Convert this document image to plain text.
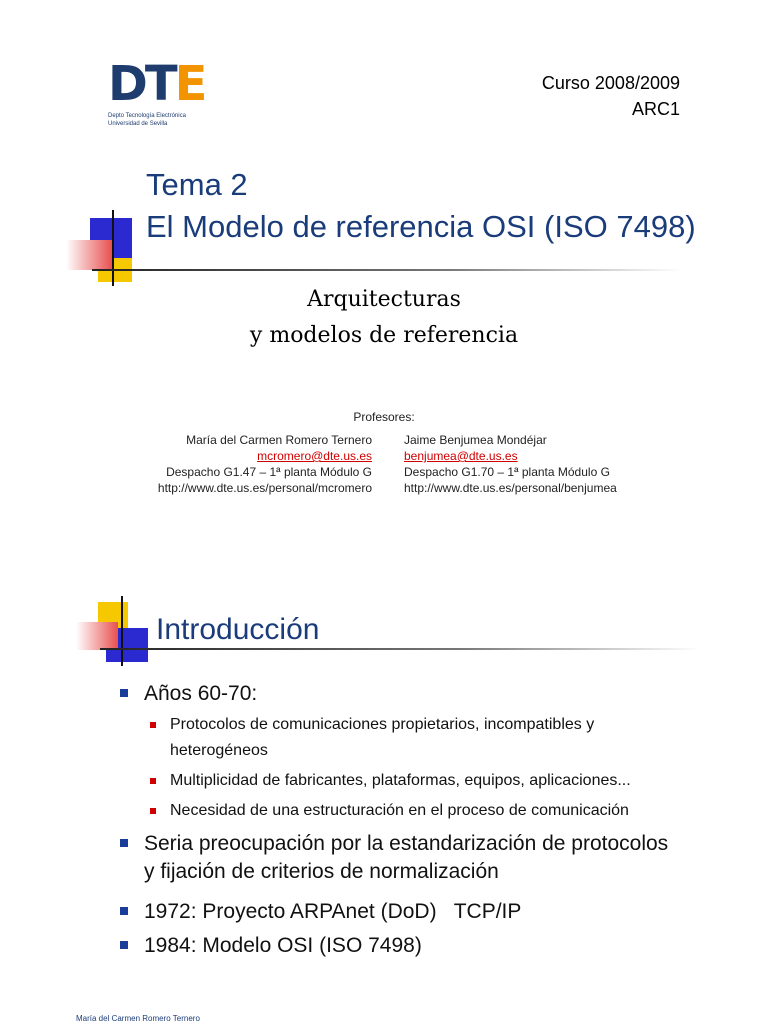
DTE
Depto Tecnología Electrónica
Universidad de Sevilla
Curso 2008/2009
ARC1
Tema 2
El Modelo de referencia OSI (ISO 7498)
Arquitecturas
y modelos de referencia
Profesores:
María del Carmen Romero Ternero
mcromero@dte.us.es
Despacho G1.47 – 1ª planta Módulo G
http://www.dte.us.es/personal/mcromero
Jaime Benjumea Mondéjar
benjumea@dte.us.es
Despacho G1.70 – 1ª planta Módulo G
http://www.dte.us.es/personal/benjumea
Introducción
Años 60-70:
Protocolos de comunicaciones propietarios, incompatibles y heterogéneos
Multiplicidad de fabricantes, plataformas, equipos, aplicaciones...
Necesidad de una estructuración en el proceso de comunicación
Seria preocupación por la estandarización de protocolos y fijación de criterios de normalización
1972: Proyecto ARPAnet (DoD)   TCP/IP
1984: Modelo OSI (ISO 7498)
María del Carmen Romero Ternero
